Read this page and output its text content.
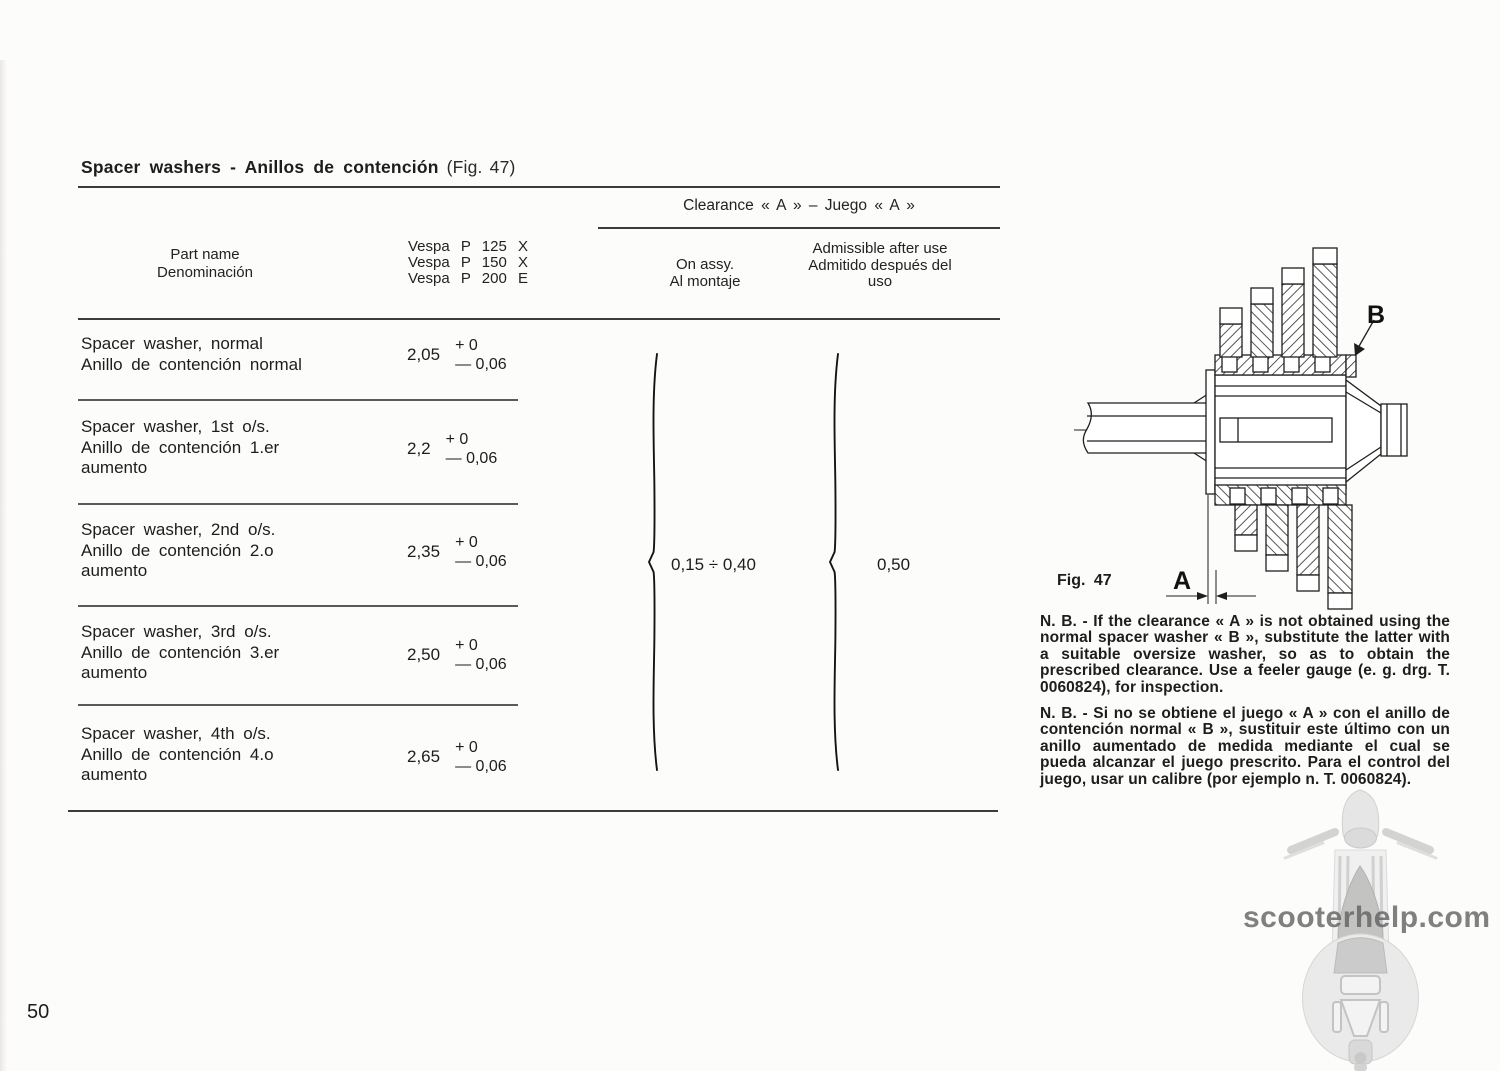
Spacer washers - Anillos de contención (Fig. 47)
Clearance « A » – Juego « A »
Part name
Denominación
Vespa P 125 X
Vespa P 150 X
Vespa P 200 E
On assy.
Al montaje
Admissible after use
Admitido después del uso
Spacer washer, normal
Anillo de contención normal	2,05 + 0
— 0,06
Spacer washer, 1st o/s.
Anillo de contención 1.er aumento
2,2 + 0
— 0,06
Spacer washer, 2nd o/s.
Anillo de contención 2.o aumento
2,35 + 0
— 0,06
Spacer washer, 3rd o/s.
Anillo de contención 3.er aumento
2,50 + 0
— 0,06
Spacer washer, 4th o/s.
Anillo de contención 4.o aumento
2,65 + 0
— 0,06
0,15 ÷ 0,40	0,50
B
A
Fig. 47

N. B. - If the clearance « A » is not obtained using the normal spacer washer « B », substitute the latter with a suitable oversize washer, so as to obtain the prescribed clearance. Use a feeler gauge (e. g. drg. T. 0060824), for inspection.

N. B. - Si no se obtiene el juego « A » con el anillo de contención normal « B », sustituir este último con un anillo aumentado de medida mediante el cual se pueda alcanzar el juego prescrito. Para el control del juego, usar un calibre (por ejemplo n. T. 0060824).

scooterhelp.com
50
